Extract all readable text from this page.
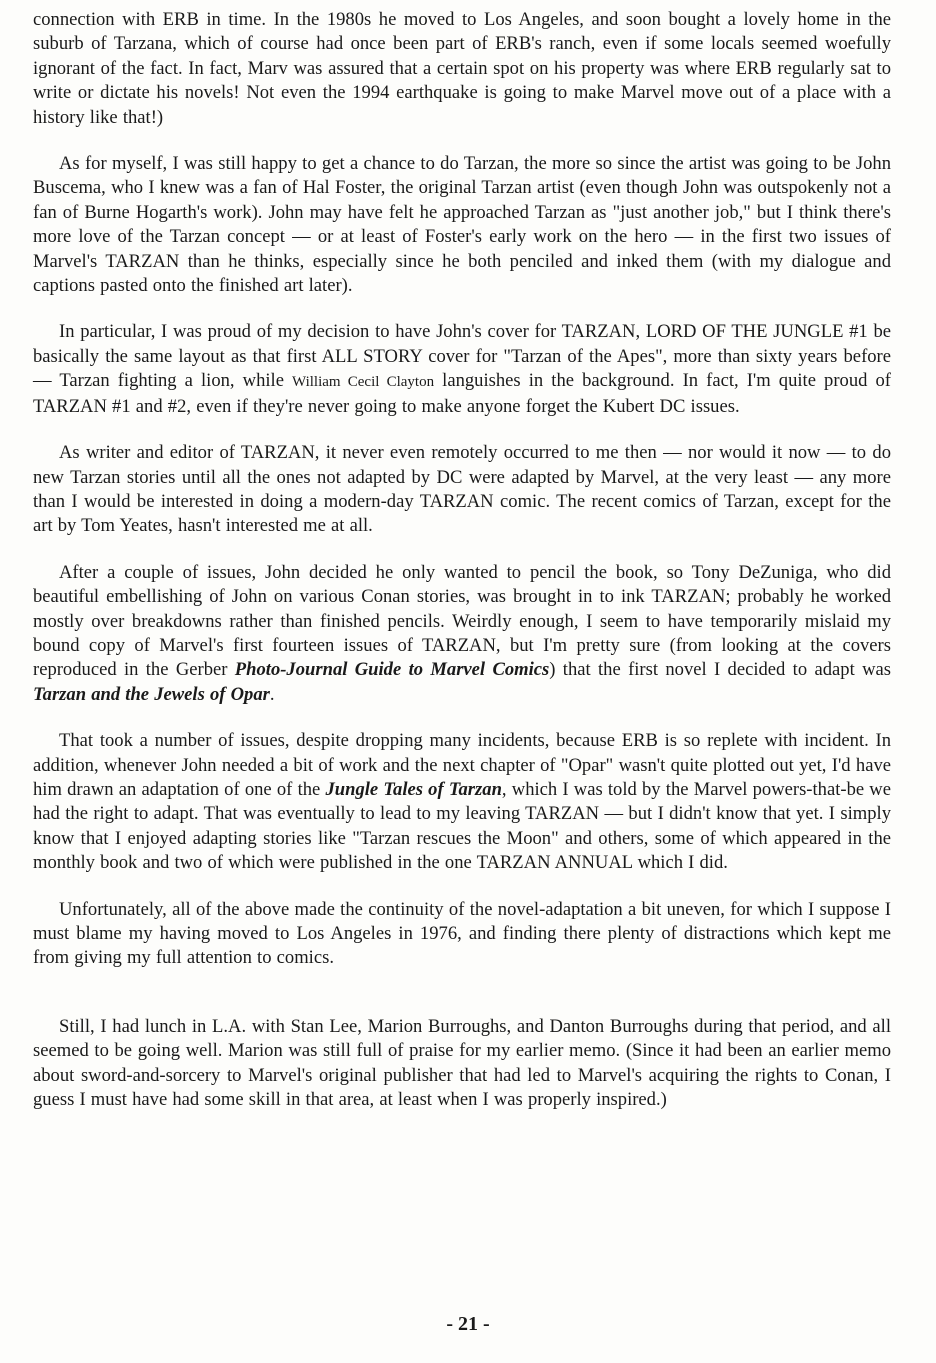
connection with ERB in time. In the 1980s he moved to Los Angeles, and soon bought a lovely home in the suburb of Tarzana, which of course had once been part of ERB's ranch, even if some locals seemed woefully ignorant of the fact. In fact, Marv was assured that a certain spot on his property was where ERB regularly sat to write or dictate his novels! Not even the 1994 earthquake is going to make Marvel move out of a place with a history like that!)

As for myself, I was still happy to get a chance to do Tarzan, the more so since the artist was going to be John Buscema, who I knew was a fan of Hal Foster, the original Tarzan artist (even though John was outspokenly not a fan of Burne Hogarth's work). John may have felt he approached Tarzan as "just another job," but I think there's more love of the Tarzan concept — or at least of Foster's early work on the hero — in the first two issues of Marvel's TARZAN than he thinks, especially since he both penciled and inked them (with my dialogue and captions pasted onto the finished art later).

In particular, I was proud of my decision to have John's cover for TARZAN, LORD OF THE JUNGLE #1 be basically the same layout as that first ALL STORY cover for "Tarzan of the Apes", more than sixty years before — Tarzan fighting a lion, while William Cecil Clayton languishes in the background. In fact, I'm quite proud of TARZAN #1 and #2, even if they're never going to make anyone forget the Kubert DC issues.

As writer and editor of TARZAN, it never even remotely occurred to me then — nor would it now — to do new Tarzan stories until all the ones not adapted by DC were adapted by Marvel, at the very least — any more than I would be interested in doing a modern-day TARZAN comic. The recent comics of Tarzan, except for the art by Tom Yeates, hasn't interested me at all.

After a couple of issues, John decided he only wanted to pencil the book, so Tony DeZuniga, who did beautiful embellishing of John on various Conan stories, was brought in to ink TARZAN; probably he worked mostly over breakdowns rather than finished pencils. Weirdly enough, I seem to have temporarily mislaid my bound copy of Marvel's first fourteen issues of TARZAN, but I'm pretty sure (from looking at the covers reproduced in the Gerber Photo-Journal Guide to Marvel Comics) that the first novel I decided to adapt was Tarzan and the Jewels of Opar.

That took a number of issues, despite dropping many incidents, because ERB is so replete with incident. In addition, whenever John needed a bit of work and the next chapter of "Opar" wasn't quite plotted out yet, I'd have him drawn an adaptation of one of the Jungle Tales of Tarzan, which I was told by the Marvel powers-that-be we had the right to adapt. That was eventually to lead to my leaving TARZAN — but I didn't know that yet. I simply know that I enjoyed adapting stories like "Tarzan rescues the Moon" and others, some of which appeared in the monthly book and two of which were published in the one TARZAN ANNUAL which I did.

Unfortunately, all of the above made the continuity of the novel-adaptation a bit uneven, for which I suppose I must blame my having moved to Los Angeles in 1976, and finding there plenty of distractions which kept me from giving my full attention to comics.

Still, I had lunch in L.A. with Stan Lee, Marion Burroughs, and Danton Burroughs during that period, and all seemed to be going well. Marion was still full of praise for my earlier memo. (Since it had been an earlier memo about sword-and-sorcery to Marvel's original publisher that had led to Marvel's acquiring the rights to Conan, I guess I must have had some skill in that area, at least when I was properly inspired.)

- 21 -
